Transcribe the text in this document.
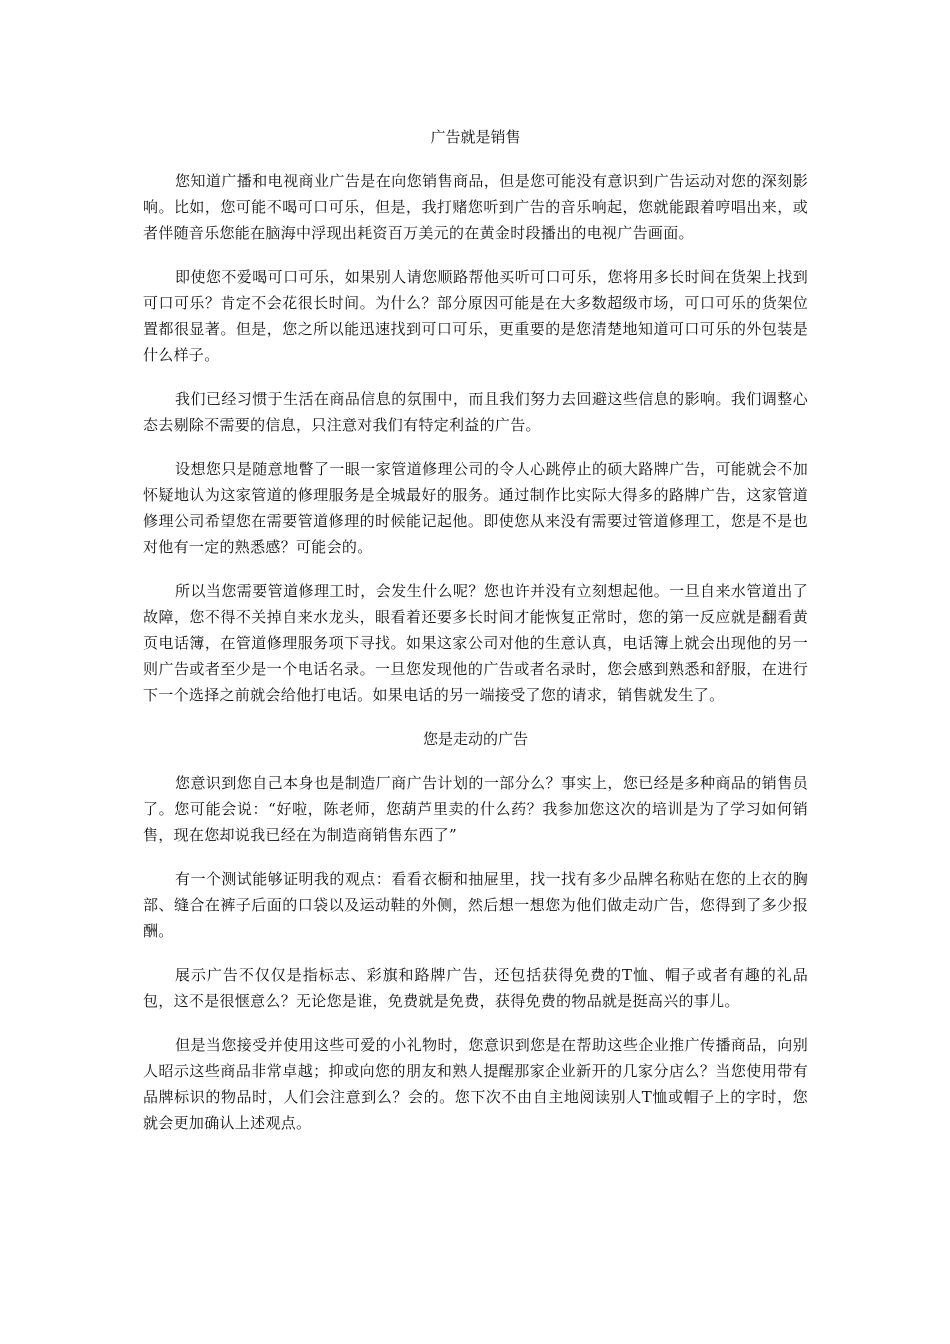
广告就是销售

您知道广播和电视商业广告是在向您销售商品，但是您可能没有意识到广告运动对您的深刻影响。比如，您可能不喝可口可乐，但是，我打赌您听到广告的音乐响起，您就能跟着哼唱出来，或者伴随音乐您能在脑海中浮现出耗资百万美元的在黄金时段播出的电视广告画面。

即使您不爱喝可口可乐，如果别人请您顺路帮他买听可口可乐，您将用多长时间在货架上找到可口可乐？肯定不会花很长时间。为什么？部分原因可能是在大多数超级市场，可口可乐的货架位置都很显著。但是，您之所以能迅速找到可口可乐，更重要的是您清楚地知道可口可乐的外包装是什么样子。

我们已经习惯于生活在商品信息的氛围中，而且我们努力去回避这些信息的影响。我们调整心态去剔除不需要的信息，只注意对我们有特定利益的广告。

设想您只是随意地瞥了一眼一家管道修理公司的令人心跳停止的硕大路牌广告，可能就会不加怀疑地认为这家管道的修理服务是全城最好的服务。通过制作比实际大得多的路牌广告，这家管道修理公司希望您在需要管道修理的时候能记起他。即使您从来没有需要过管道修理工，您是不是也对他有一定的熟悉感？可能会的。

所以当您需要管道修理工时，会发生什么呢？您也许并没有立刻想起他。一旦自来水管道出了故障，您不得不关掉自来水龙头，眼看着还要多长时间才能恢复正常时，您的第一反应就是翻看黄页电话簿，在管道修理服务项下寻找。如果这家公司对他的生意认真，电话簿上就会出现他的另一则广告或者至少是一个电话名录。一旦您发现他的广告或者名录时，您会感到熟悉和舒服，在进行下一个选择之前就会给他打电话。如果电话的另一端接受了您的请求，销售就发生了。

您是走动的广告

您意识到您自己本身也是制造厂商广告计划的一部分么？事实上，您已经是多种商品的销售员了。您可能会说：“好啦，陈老师，您葫芦里卖的什么药？我参加您这次的培训是为了学习如何销售，现在您却说我已经在为制造商销售东西了”

有一个测试能够证明我的观点：看看衣橱和抽屉里，找一找有多少品牌名称贴在您的上衣的胸部、缝合在裤子后面的口袋以及运动鞋的外侧，然后想一想您为他们做走动广告，您得到了多少报酬。

展示广告不仅仅是指标志、彩旗和路牌广告，还包括获得免费的T恤、帽子或者有趣的礼品包，这不是很惬意么？无论您是谁，免费就是免费，获得免费的物品就是挺高兴的事儿。

但是当您接受并使用这些可爱的小礼物时，您意识到您是在帮助这些企业推广传播商品，向别人昭示这些商品非常卓越；抑或向您的朋友和熟人提醒那家企业新开的几家分店么？当您使用带有品牌标识的物品时，人们会注意到么？会的。您下次不由自主地阅读别人T恤或帽子上的字时，您就会更加确认上述观点。
